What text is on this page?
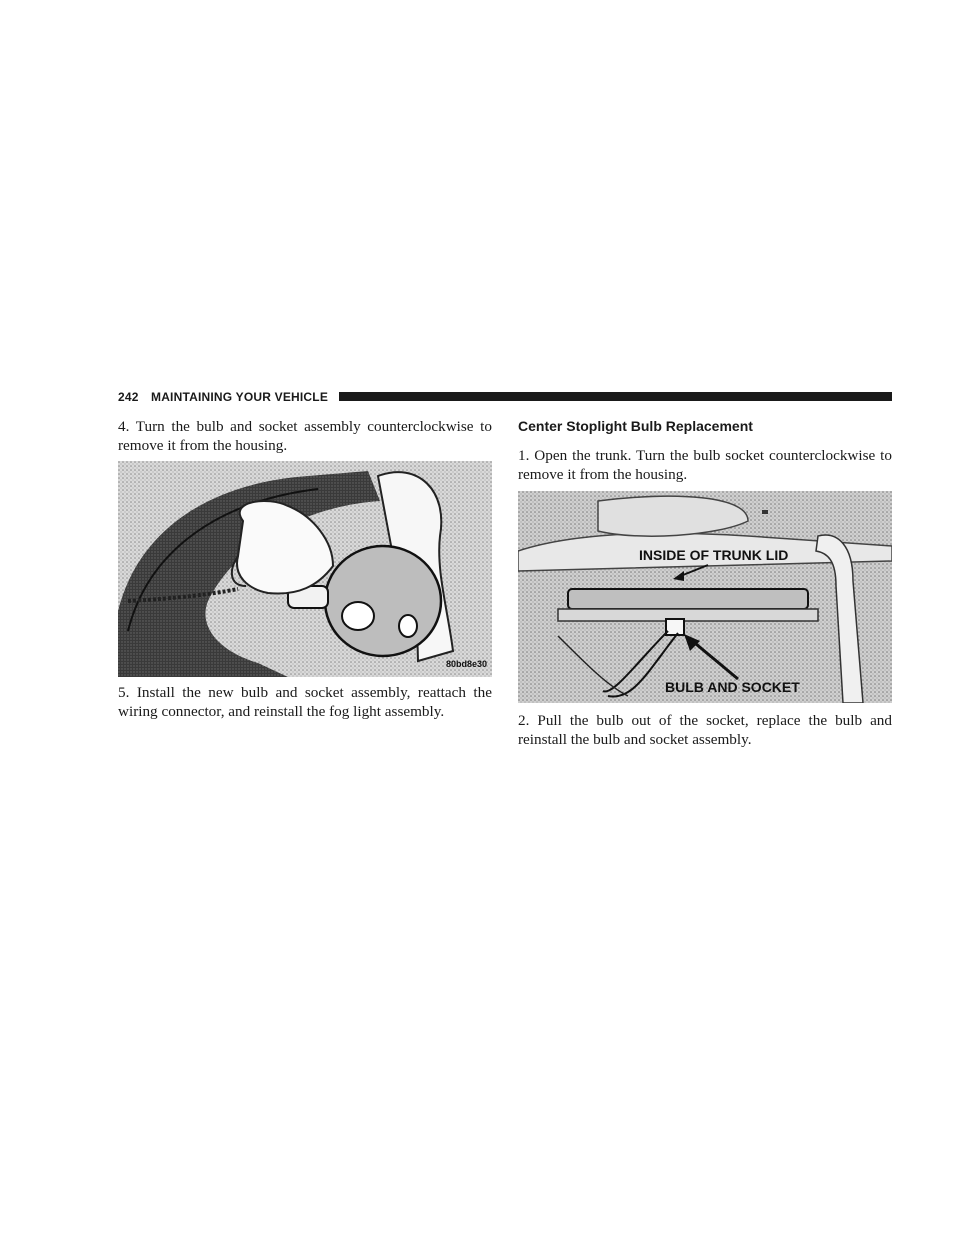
242 MAINTAINING YOUR VEHICLE

4. Turn the bulb and socket assembly counterclockwise to remove it from the housing.

80bd8e30

5. Install the new bulb and socket assembly, reattach the wiring connector, and reinstall the fog light assembly.

Center Stoplight Bulb Replacement

1. Open the trunk. Turn the bulb socket counterclockwise to remove it from the housing.

INSIDE OF TRUNK LID
BULB AND SOCKET

2. Pull the bulb out of the socket, replace the bulb and reinstall the bulb and socket assembly.
